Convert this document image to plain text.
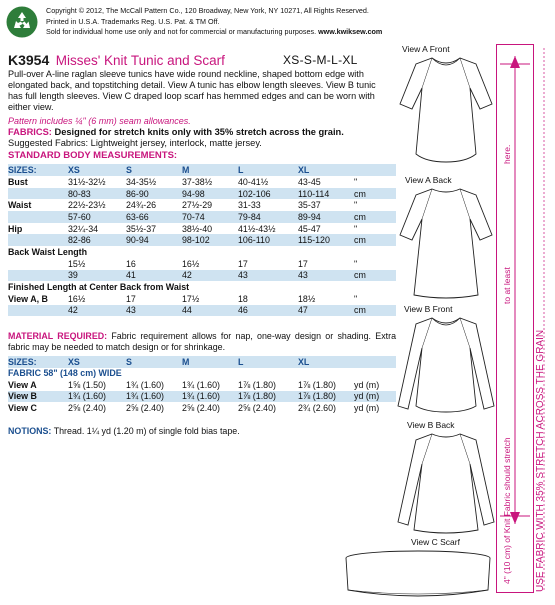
Copyright © 2012, The McCall Pattern Co., 120 Broadway, New York, NY 10271, All Rights Reserved.
Printed in U.S.A. Trademarks Reg. U.S. Pat. & TM Off.
Sold for individual home use only and not for commercial or manufacturing purposes. www.kwiksew.com
K3954 Misses' Knit Tunic and Scarf	XS-S-M-L-XL
Pull-over A-line raglan sleeve tunics have wide round neckline, shaped bottom edge with elongated back, and topstitching detail. View A tunic has elbow length sleeves. View B tunic has full length sleeves. View C draped loop scarf has hemmed edges and can be worn with either view.
Pattern includes ¼" (6 mm) seam allowances.
FABRICS: Designed for stretch knits only with 35% stretch across the grain.
Suggested Fabrics: Lightweight jersey, interlock, matte jersey.
STANDARD BODY MEASUREMENTS:
SIZES:	XS	S	M	L	XL	
Bust	31½-32½	34-35½	37-38½	40-41½	43-45	"
	80-83	86-90	94-98	102-106	110-114	cm
Waist	22½-23½	24¾-26	27½-29	31-33	35-37	"
	57-60	63-66	70-74	79-84	89-94	cm
Hip	32¼-34	35½-37	38½-40	41½-43½	45-47	"
	82-86	90-94	98-102	106-110	115-120	cm
Back Waist Length						
	15½	16	16½	17	17	"
	39	41	42	43	43	cm
Finished Length at Center Back from Waist						
View A, B	16½	17	17½	18	18½	"
	42	43	44	46	47	cm
MATERIAL REQUIRED: Fabric requirement allows for nap, one-way design or shading. Extra fabric may be needed to match design or for shrinkage.
SIZES:	XS	S	M	L	XL	
FABRIC 58" (148 cm) WIDE						
View A	1⅝ (1.50)	1¾ (1.60)	1¾ (1.60)	1⅞ (1.80)	1⅞ (1.80)	yd (m)
View B	1¾ (1.60)	1¾ (1.60)	1¾ (1.60)	1⅞ (1.80)	1⅞ (1.80)	yd (m)
View C	2⅝ (2.40)	2⅝ (2.40)	2⅝ (2.40)	2⅝ (2.40)	2¾ (2.60)	yd (m)
NOTIONS: Thread. 1¼ yd (1.20 m) of single fold bias tape.
View A Front
View A Back
View B Front
View B Back
View C Scarf
here.
to at least
4" (10 cm) of Knit Fabric should stretch USE FABRIC WITH 35% STRETCH ACROSS THE GRAIN
